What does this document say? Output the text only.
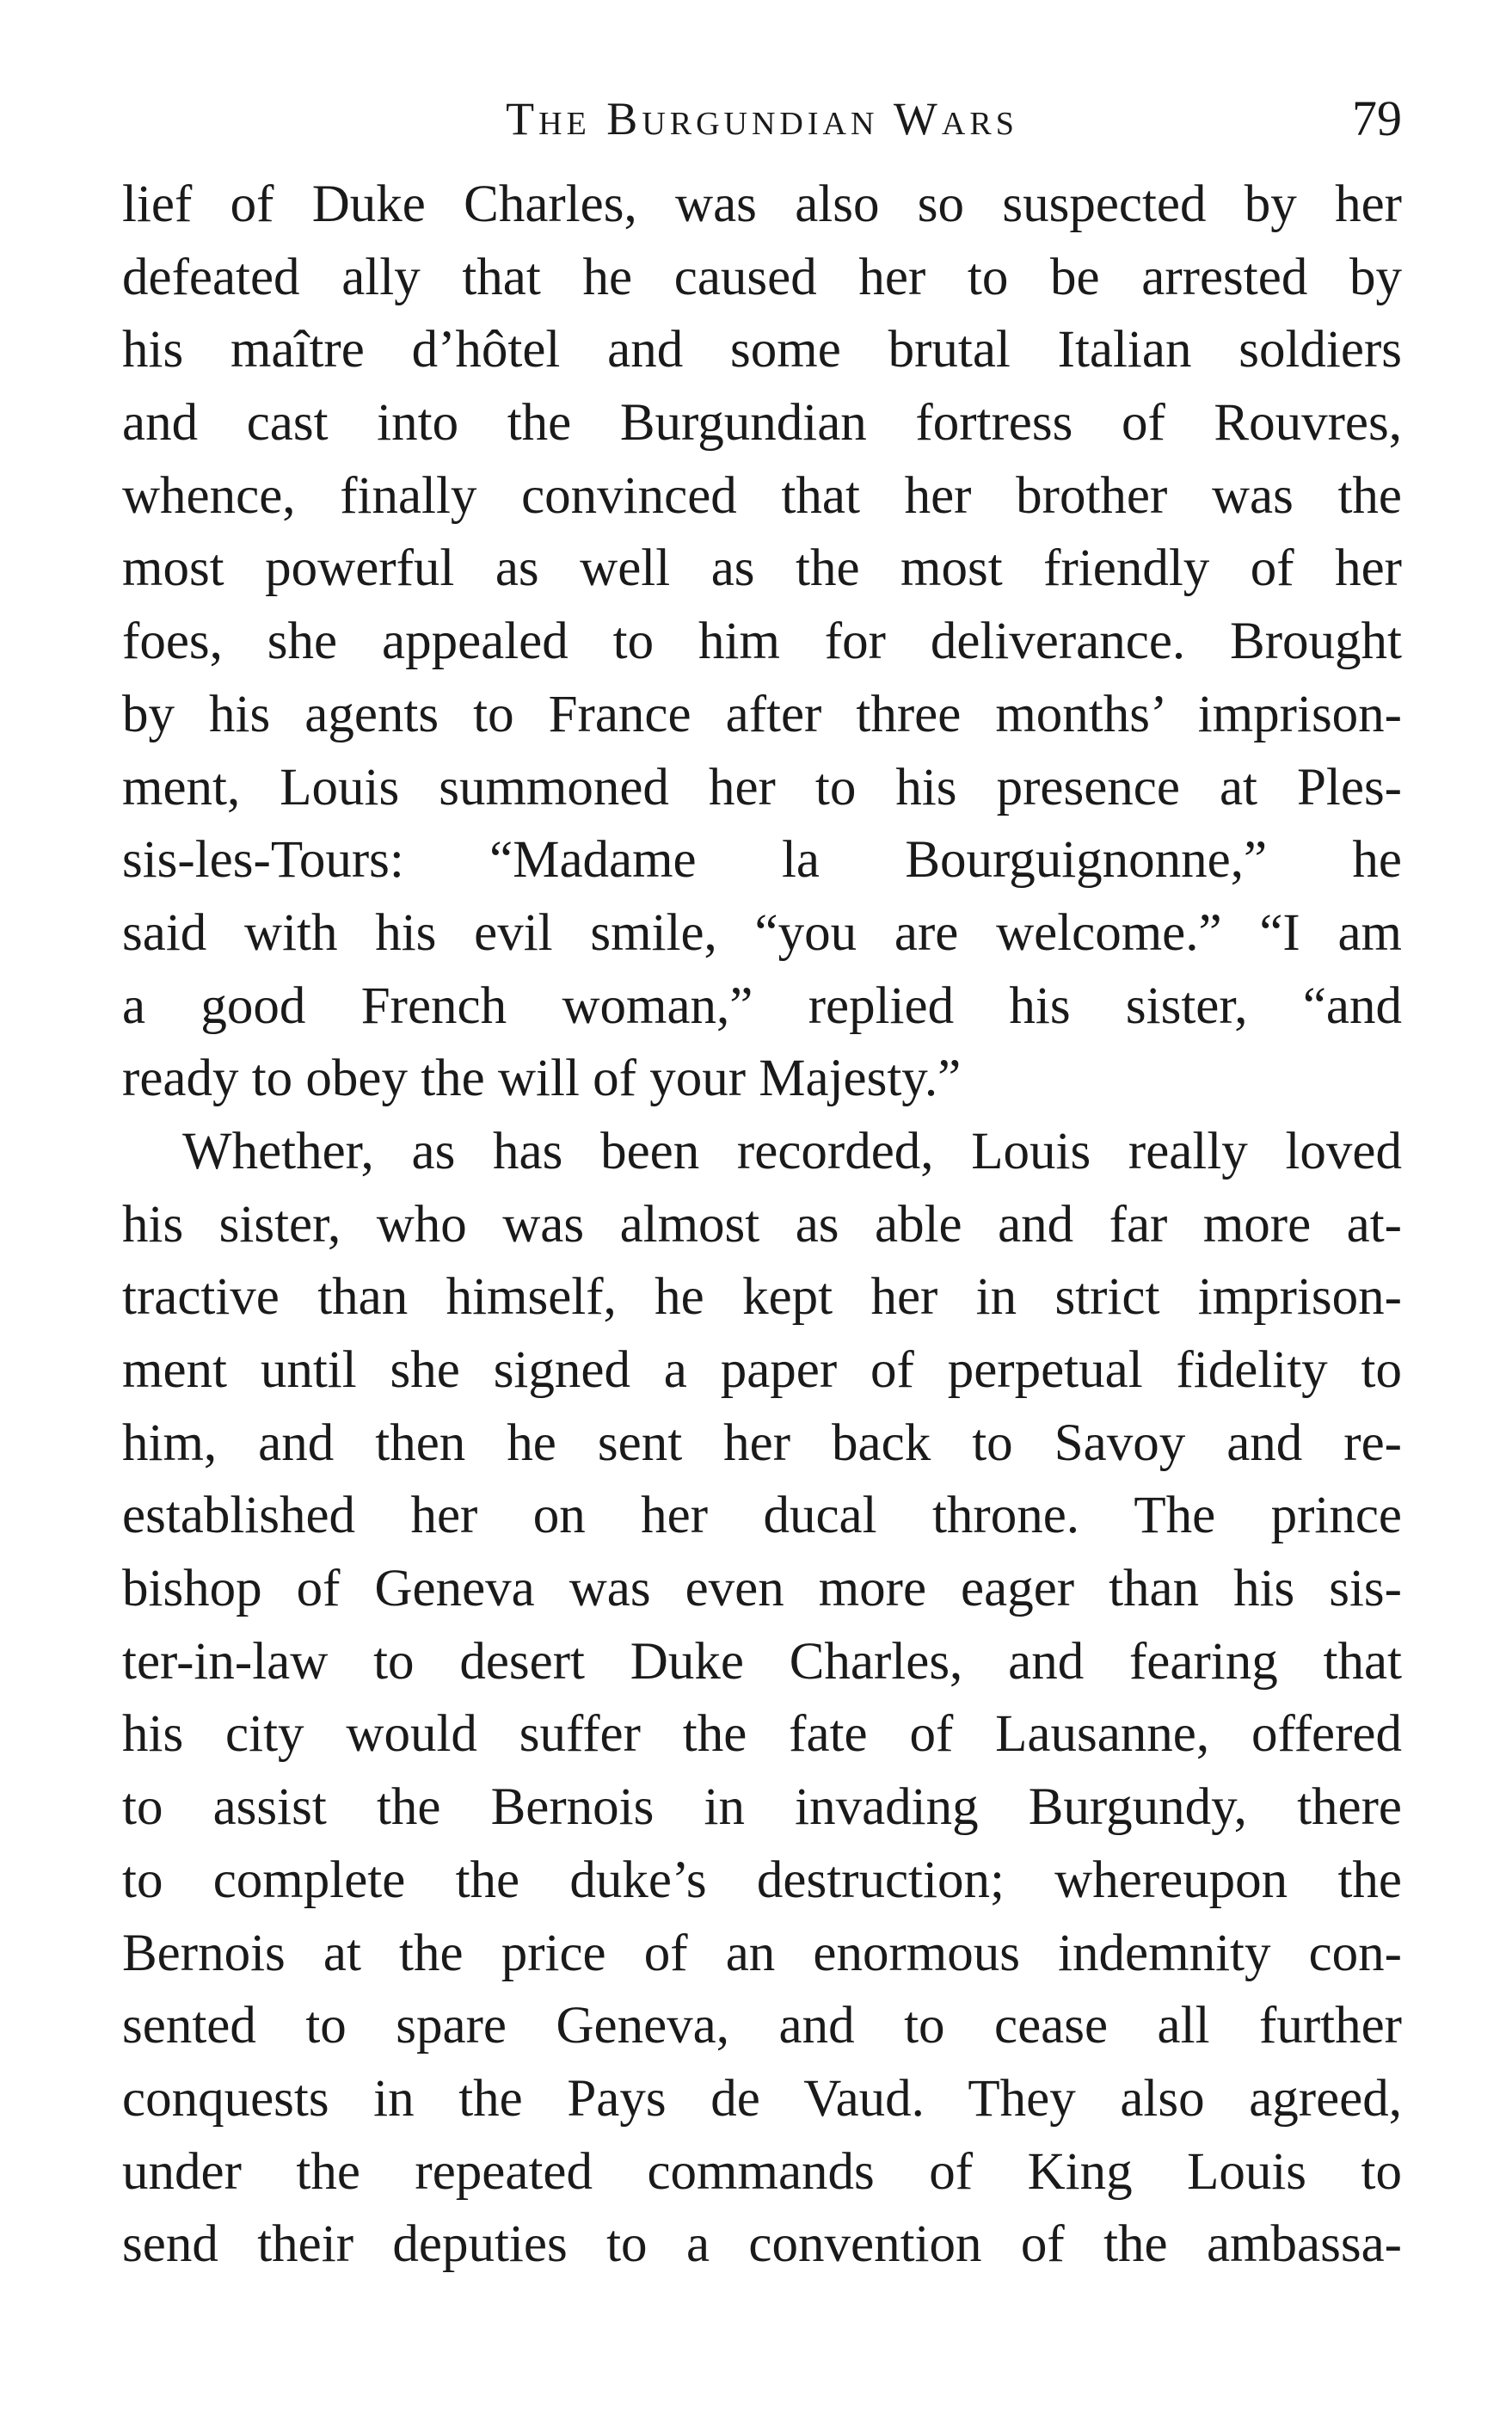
The Burgundian Wars	79
lief of Duke Charles, was also so suspected by her
defeated ally that he caused her to be arrested by
his maître d’hôtel and some brutal Italian soldiers
and cast into the Burgundian fortress of Rouvres,
whence, finally convinced that her brother was the
most powerful as well as the most friendly of her
foes, she appealed to him for deliverance. Brought
by his agents to France after three months’ imprison-
ment, Louis summoned her to his presence at Ples-
sis-les-Tours: “Madame la Bourguignonne,” he
said with his evil smile, “you are welcome.” “I am
a good French woman,” replied his sister, “and
ready to obey the will of your Majesty.”
Whether, as has been recorded, Louis really loved
his sister, who was almost as able and far more at-
tractive than himself, he kept her in strict imprison-
ment until she signed a paper of perpetual fidelity to
him, and then he sent her back to Savoy and re-
established her on her ducal throne. The prince
bishop of Geneva was even more eager than his sis-
ter-in-law to desert Duke Charles, and fearing that
his city would suffer the fate of Lausanne, offered
to assist the Bernois in invading Burgundy, there
to complete the duke’s destruction; whereupon the
Bernois at the price of an enormous indemnity con-
sented to spare Geneva, and to cease all further
conquests in the Pays de Vaud. They also agreed,
under the repeated commands of King Louis to
send their deputies to a convention of the ambassa-
